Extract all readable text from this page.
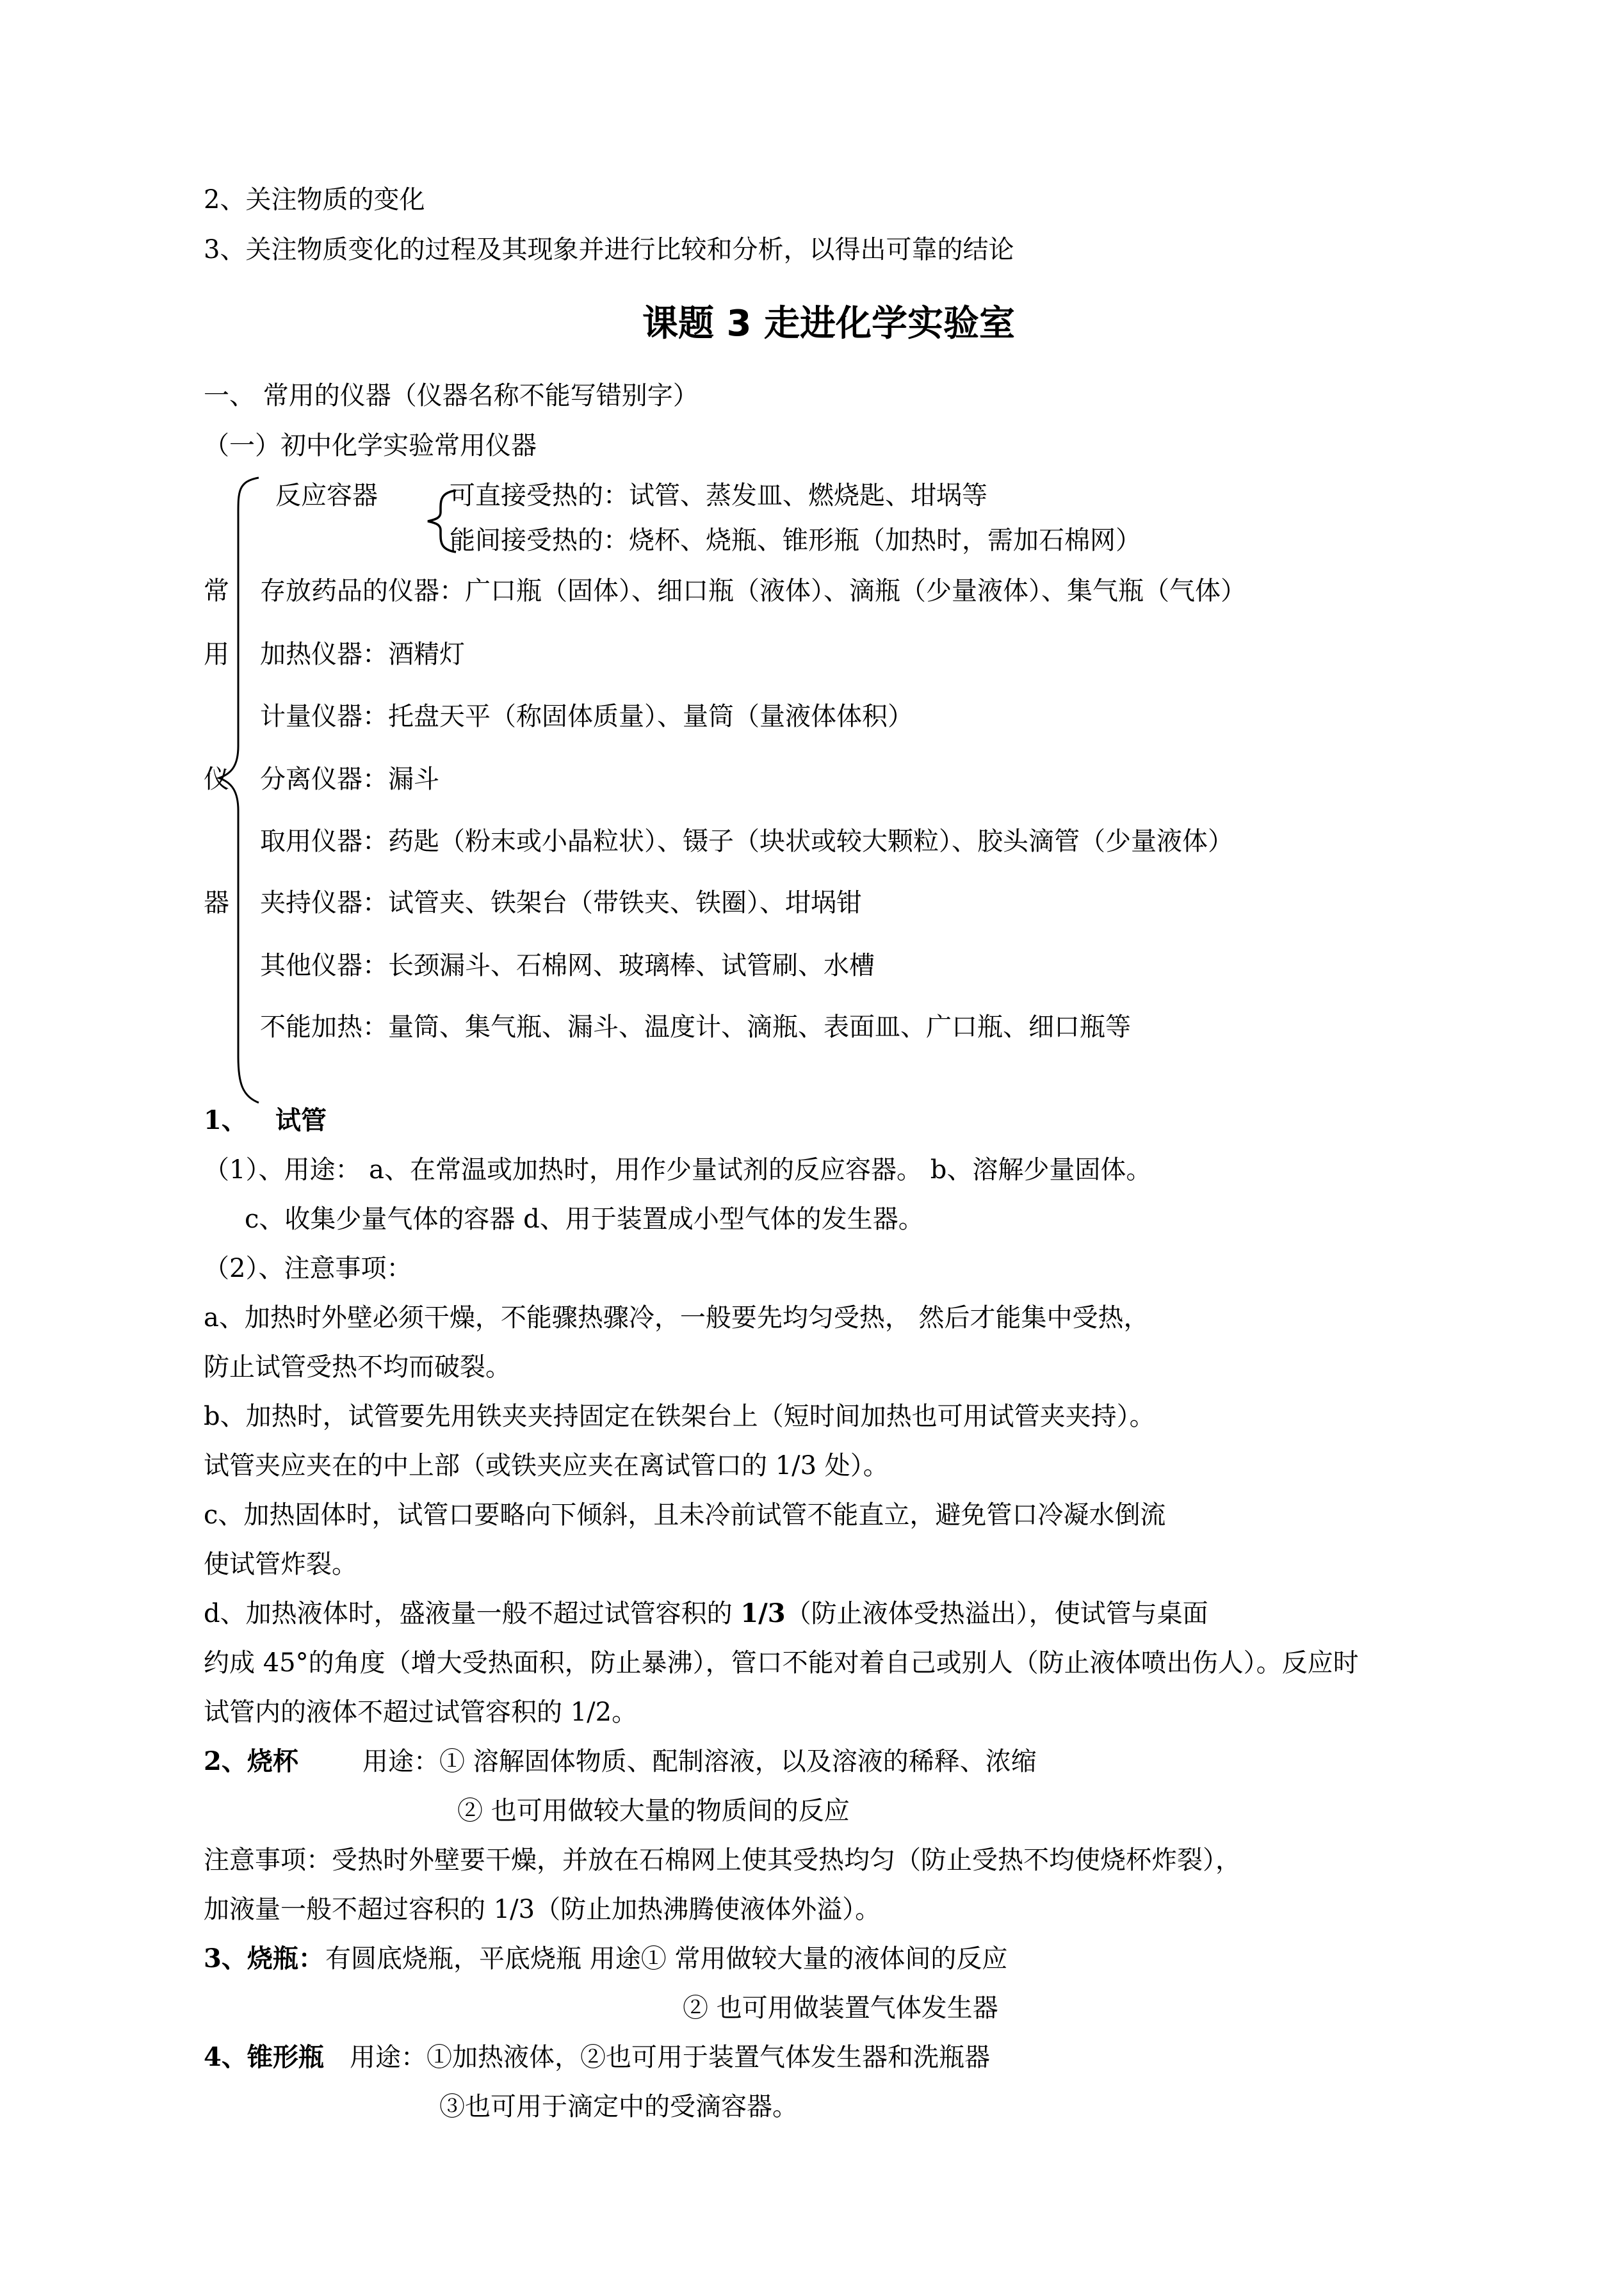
2、关注物质的变化
3、关注物质变化的过程及其现象并进行比较和分析，以得出可靠的结论
课题 3 走进化学实验室
一、 常用的仪器（仪器名称不能写错别字）
（一）初中化学实验常用仪器
常
用
仪
器
反应容器	可直接受热的：试管、蒸发皿、燃烧匙、坩埚等
能间接受热的：烧杯、烧瓶、锥形瓶（加热时，需加石棉网）
存放药品的仪器：广口瓶（固体）、细口瓶（液体）、滴瓶（少量液体）、集气瓶（气体）
加热仪器：酒精灯
计量仪器：托盘天平（称固体质量）、量筒（量液体体积）
分离仪器：漏斗
取用仪器：药匙（粉末或小晶粒状）、镊子（块状或较大颗粒）、胶头滴管（少量液体）
夹持仪器：试管夹、铁架台（带铁夹、铁圈）、坩埚钳
其他仪器：长颈漏斗、石棉网、玻璃棒、试管刷、水槽
不能加热：量筒、集气瓶、漏斗、温度计、滴瓶、表面皿、广口瓶、细口瓶等
1、 试管
（1）、用途： a、在常温或加热时，用作少量试剂的反应容器。 b、溶解少量固体。
c、收集少量气体的容器 d、用于装置成小型气体的发生器。
（2）、注意事项：
a、加热时外壁必须干燥，不能骤热骤冷，一般要先均匀受热， 然后才能集中受热，
防止试管受热不均而破裂。
b、加热时，试管要先用铁夹夹持固定在铁架台上（短时间加热也可用试管夹夹持）。
试管夹应夹在的中上部（或铁夹应夹在离试管口的 1/3 处）。
c、加热固体时，试管口要略向下倾斜，且未冷前试管不能直立，避免管口冷凝水倒流
使试管炸裂。
d、加热液体时，盛液量一般不超过试管容积的 1/3（防止液体受热溢出），使试管与桌面
约成 45°的角度（增大受热面积，防止暴沸），管口不能对着自己或别人（防止液体喷出伤人）。反应时
试管内的液体不超过试管容积的 1/2。
2、烧杯	用途：① 溶解固体物质、配制溶液，以及溶液的稀释、浓缩
② 也可用做较大量的物质间的反应
注意事项：受热时外壁要干燥，并放在石棉网上使其受热均匀（防止受热不均使烧杯炸裂），
加液量一般不超过容积的 1/3（防止加热沸腾使液体外溢）。
3、烧瓶： 有圆底烧瓶，平底烧瓶 用途① 常用做较大量的液体间的反应
② 也可用做装置气体发生器
4、锥形瓶 用途：①加热液体，②也可用于装置气体发生器和洗瓶器
③也可用于滴定中的受滴容器。
